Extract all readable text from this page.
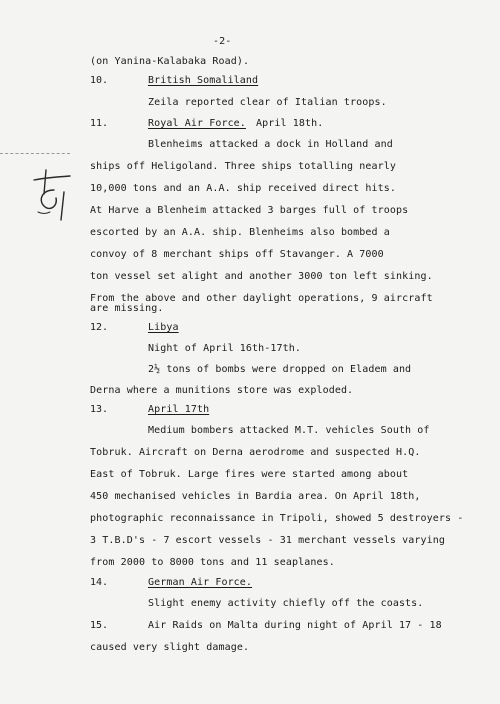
-2-
(on Yanina-Kalabaka Road).
10.	British Somaliland
Zeila reported clear of Italian troops.
11.	Royal Air Force. April 18th.
Blenheims attacked a dock in Holland and
ships off Heligoland. Three ships totalling nearly
10,000 tons and an A.A. ship received direct hits.
At Harve a Blenheim attacked 3 barges full of troops
escorted by an A.A. ship. Blenheims also bombed a
convoy of 8 merchant ships off Stavanger. A 7000
ton vessel set alight and another 3000 ton left sinking.
From the above and other daylight operations, 9 aircraft
are missing.
12.	Libya
Night of April 16th-17th.
2½ tons of bombs were dropped on Eladem and
Derna where a munitions store was exploded.
13.	April 17th
Medium bombers attacked M.T. vehicles South of
Tobruk. Aircraft on Derna aerodrome and suspected H.Q.
East of Tobruk. Large fires were started among about
450 mechanised vehicles in Bardia area. On April 18th,
photographic reconnaissance in Tripoli, showed 5 destroyers -
3 T.B.D's - 7 escort vessels - 31 merchant vessels varying
from 2000 to 8000 tons and 11 seaplanes.
14.	German Air Force.
Slight enemy activity chiefly off the coasts.
15.	Air Raids on Malta during night of April 17 - 18
caused very slight damage.
